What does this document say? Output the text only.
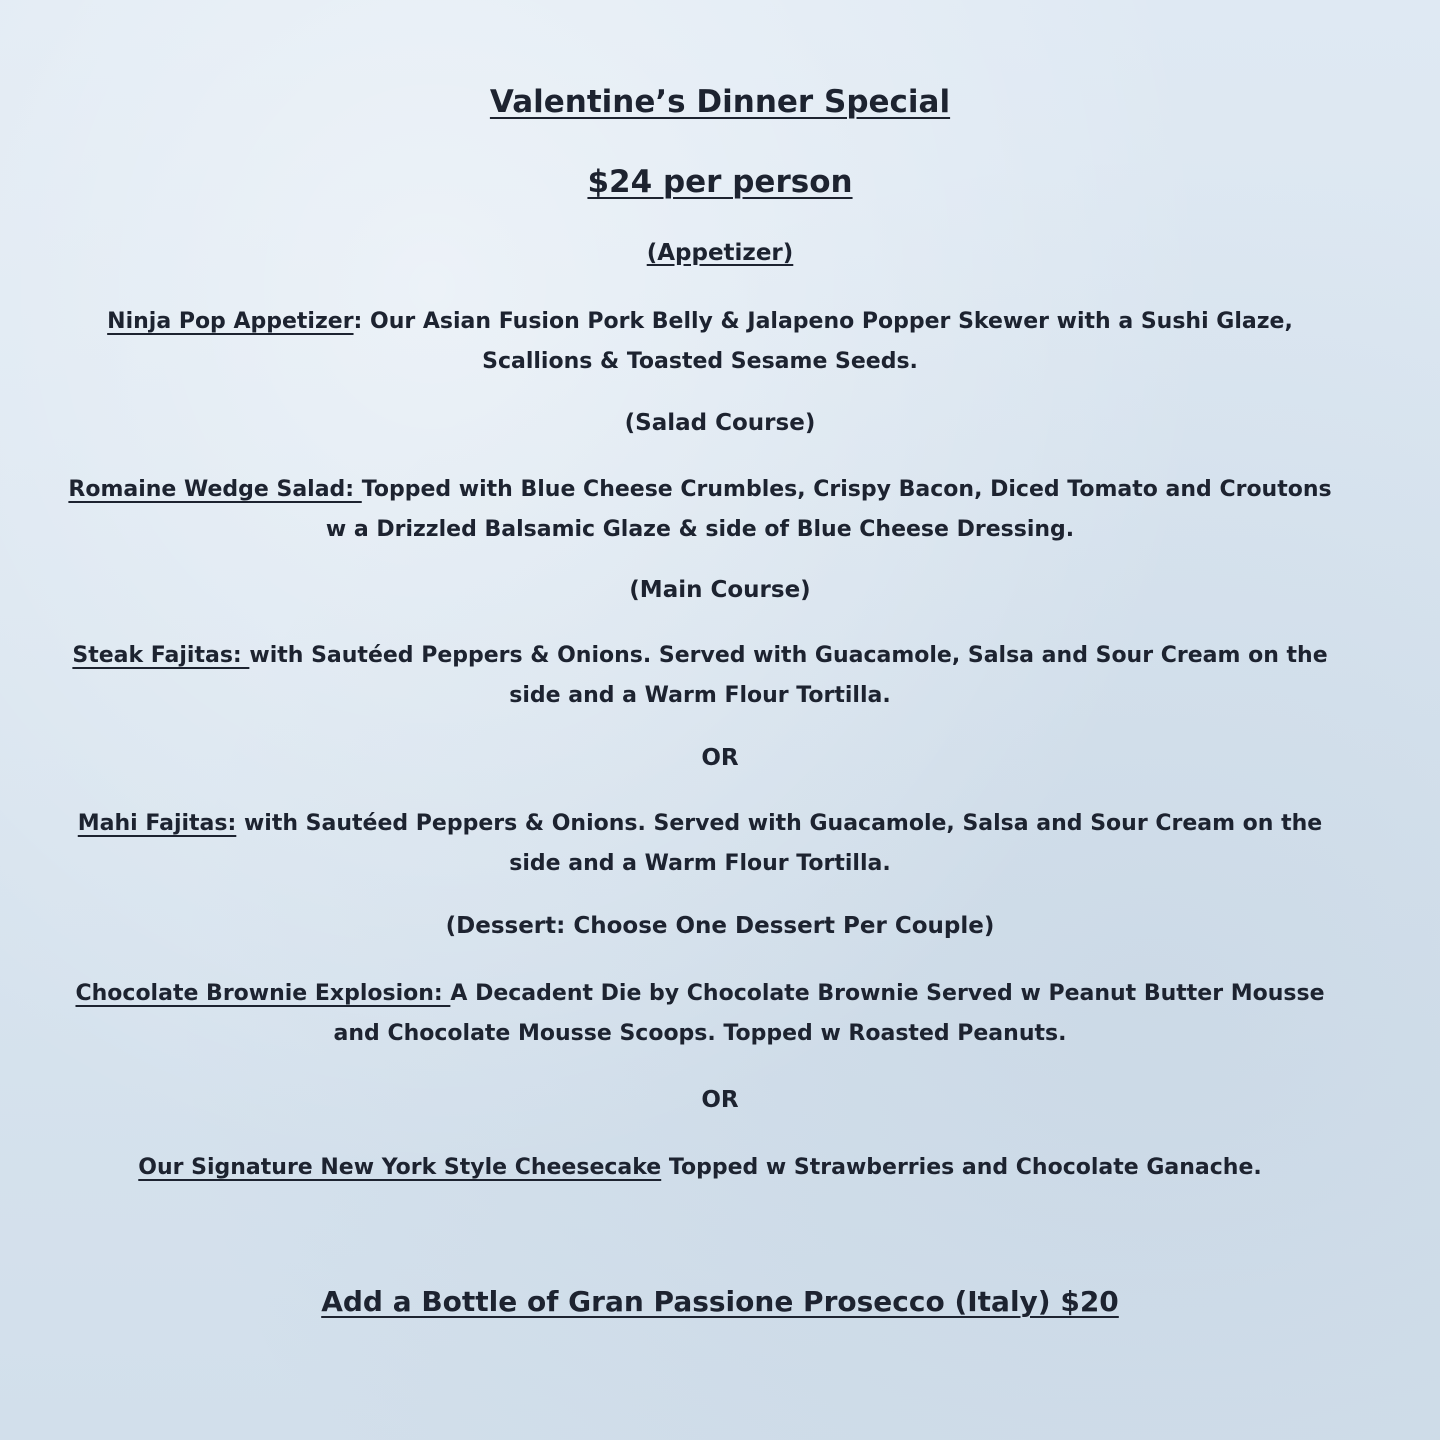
Valentine’s Dinner Special
$24 per person
(Appetizer)
Ninja Pop Appetizer: Our Asian Fusion Pork Belly & Jalapeno Popper Skewer with a Sushi Glaze, Scallions & Toasted Sesame Seeds.
(Salad Course)
Romaine Wedge Salad: Topped with Blue Cheese Crumbles, Crispy Bacon, Diced Tomato and Croutons w a Drizzled Balsamic Glaze & side of Blue Cheese Dressing.
(Main Course)
Steak Fajitas: with Sautéed Peppers & Onions. Served with Guacamole, Salsa and Sour Cream on the side and a Warm Flour Tortilla.
OR
Mahi Fajitas: with Sautéed Peppers & Onions. Served with Guacamole, Salsa and Sour Cream on the side and a Warm Flour Tortilla.
(Dessert: Choose One Dessert Per Couple)
Chocolate Brownie Explosion: A Decadent Die by Chocolate Brownie Served w Peanut Butter Mousse and Chocolate Mousse Scoops. Topped w Roasted Peanuts.
OR
Our Signature New York Style Cheesecake Topped w Strawberries and Chocolate Ganache.
Add a Bottle of Gran Passione Prosecco (Italy) $20
